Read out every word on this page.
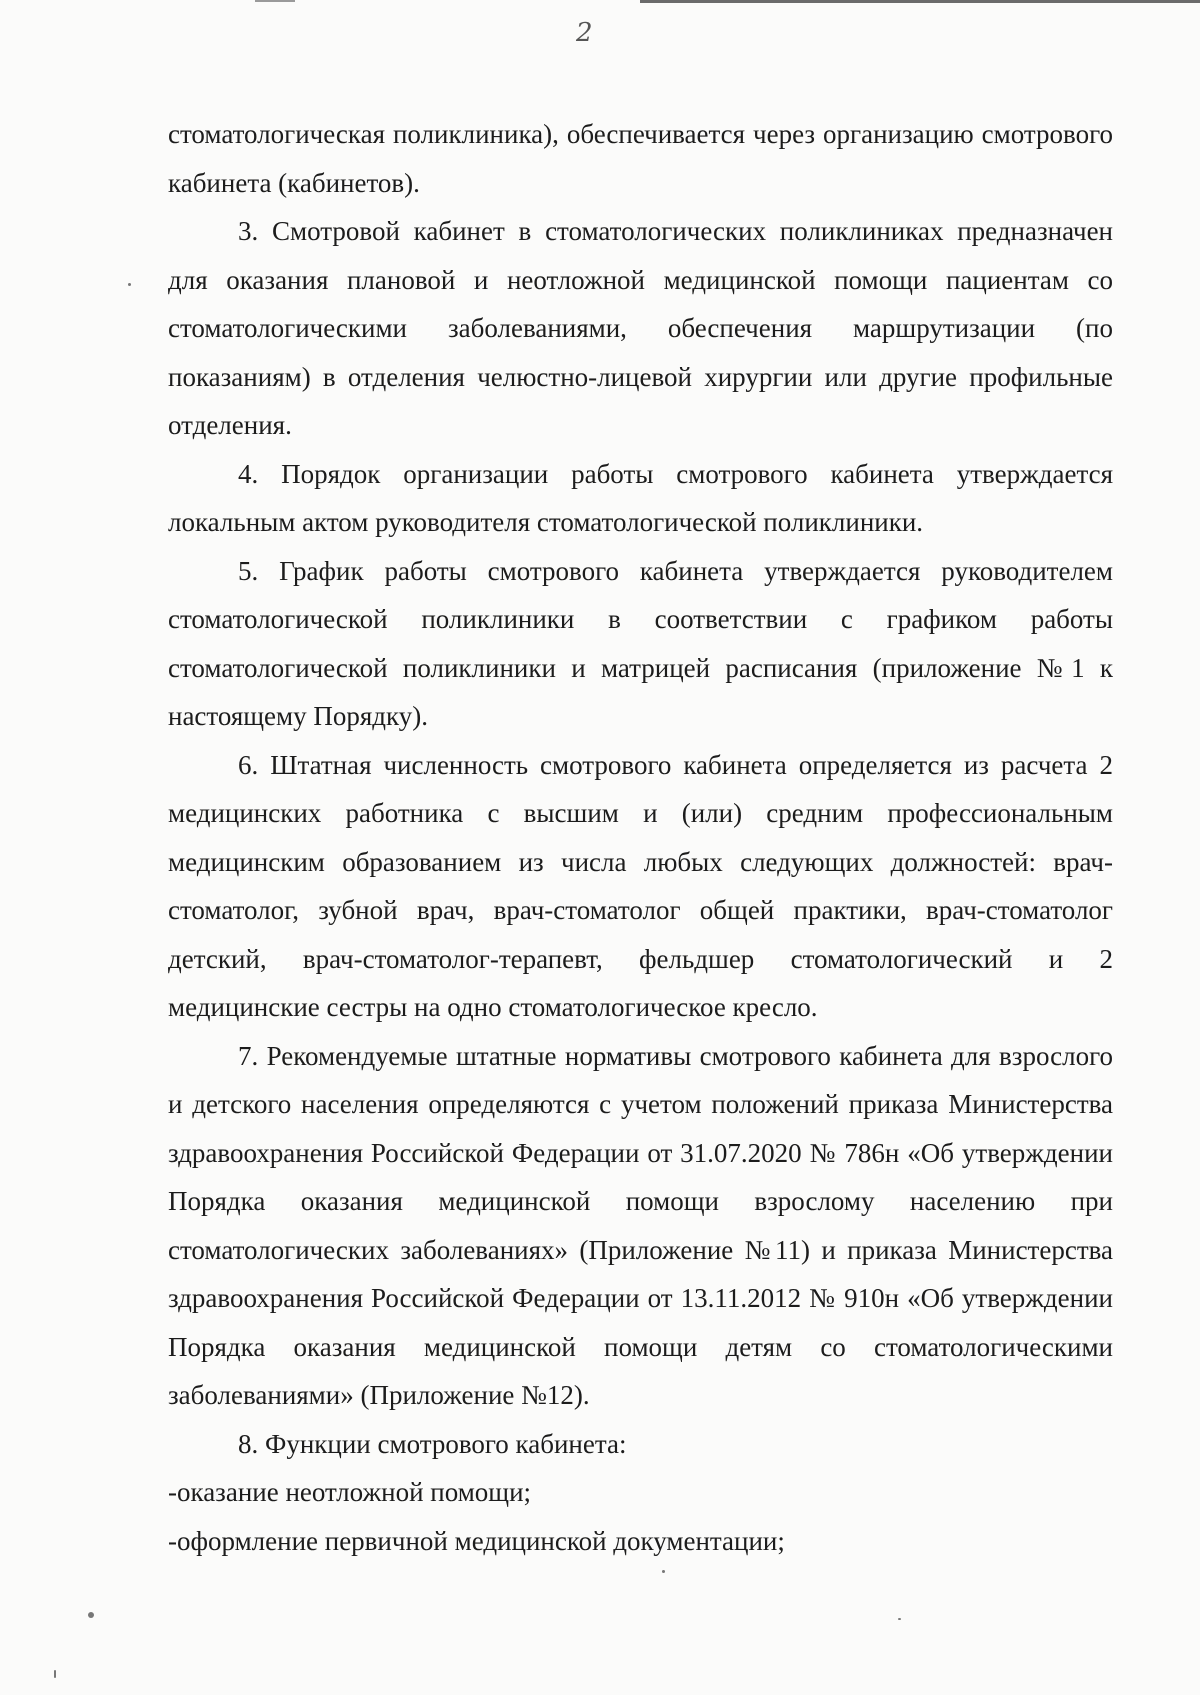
2

стоматологическая поликлиника), обеспечивается через организацию смотрового кабинета (кабинетов).

3. Смотровой кабинет в стоматологических поликлиниках предназначен для оказания плановой и неотложной медицинской помощи пациентам со стоматологическими заболеваниями, обеспечения маршрутизации (по показаниям) в отделения челюстно-лицевой хирургии или другие профильные отделения.

4. Порядок организации работы смотрового кабинета утверждается локальным актом руководителя стоматологической поликлиники.

5. График работы смотрового кабинета утверждается руководителем стоматологической поликлиники в соответствии с графиком работы стоматологической поликлиники и матрицей расписания (приложение №1 к настоящему Порядку).

6. Штатная численность смотрового кабинета определяется из расчета 2 медицинских работника с высшим и (или) средним профессиональным медицинским образованием из числа любых следующих должностей: врач-стоматолог, зубной врач, врач-стоматолог общей практики, врач-стоматолог детский, врач-стоматолог-терапевт, фельдшер стоматологический и 2 медицинские сестры на одно стоматологическое кресло.

7. Рекомендуемые штатные нормативы смотрового кабинета для взрослого и детского населения определяются с учетом положений приказа Министерства здравоохранения Российской Федерации от 31.07.2020 № 786н «Об утверждении Порядка оказания медицинской помощи взрослому населению при стоматологических заболеваниях» (Приложение №11) и приказа Министерства здравоохранения Российской Федерации от 13.11.2012 № 910н «Об утверждении Порядка оказания медицинской помощи детям со стоматологическими заболеваниями» (Приложение №12).

8. Функции смотрового кабинета:

-оказание неотложной помощи;

-оформление первичной медицинской документации;
